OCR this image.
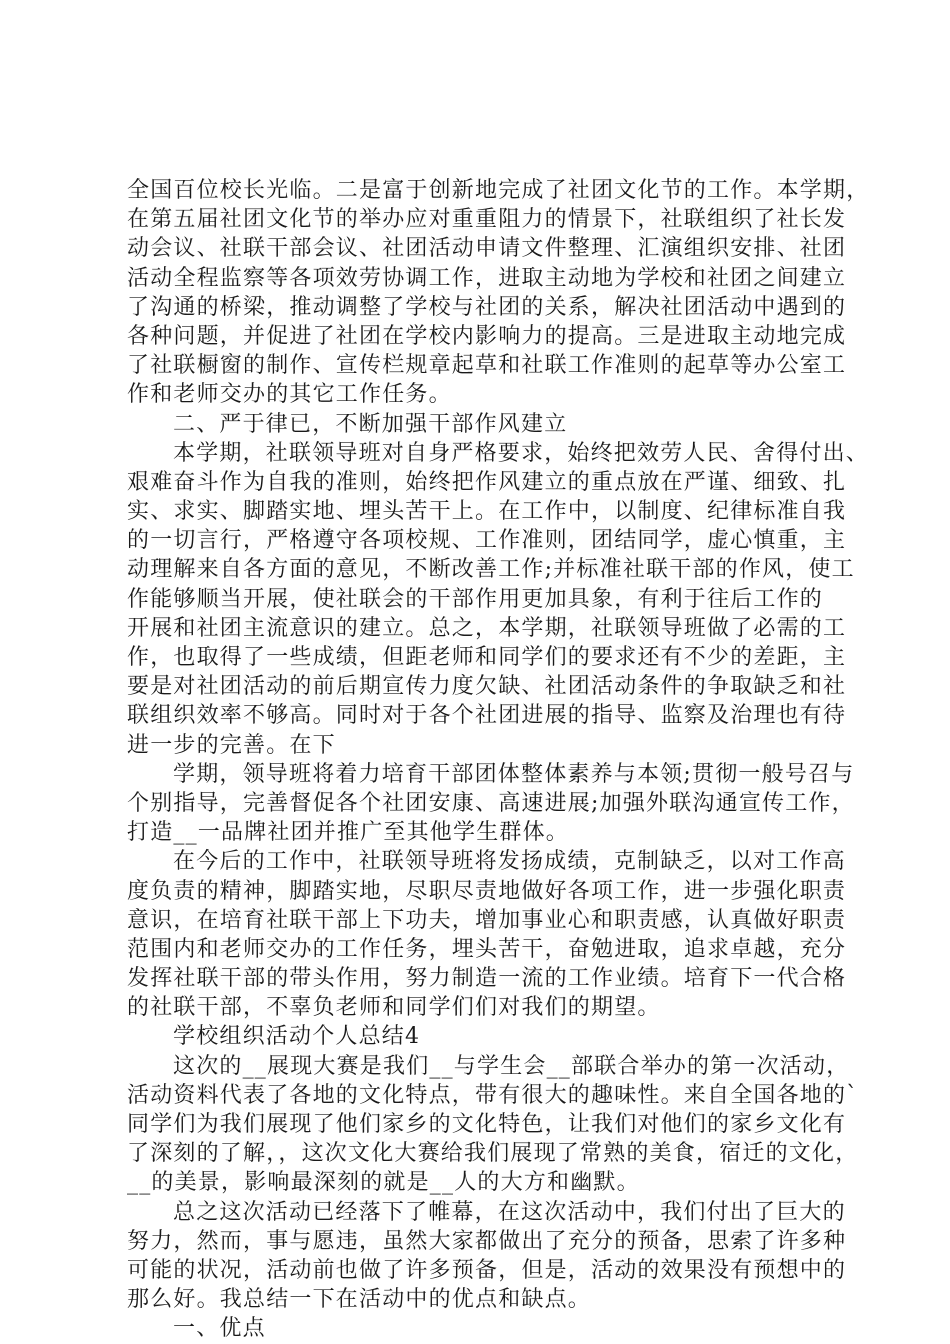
全国百位校长光临。二是富于创新地完成了社团文化节的工作。本学期，
在第五届社团文化节的举办应对重重阻力的情景下，社联组织了社长发
动会议、社联干部会议、社团活动申请文件整理、汇演组织安排、社团
活动全程监察等各项效劳协调工作，进取主动地为学校和社团之间建立
了沟通的桥梁，推动调整了学校与社团的关系，解决社团活动中遇到的
各种问题，并促进了社团在学校内影响力的提高。三是进取主动地完成
了社联橱窗的制作、宣传栏规章起草和社联工作准则的起草等办公室工
作和老师交办的其它工作任务。
二、严于律已，不断加强干部作风建立
本学期，社联领导班对自身严格要求，始终把效劳人民、舍得付出、
艰难奋斗作为自我的准则，始终把作风建立的重点放在严谨、细致、扎
实、求实、脚踏实地、埋头苦干上。在工作中，以制度、纪律标准自我
的一切言行，严格遵守各项校规、工作准则，团结同学，虚心慎重，主
动理解来自各方面的意见，不断改善工作;并标准社联干部的作风，使工
作能够顺当开展，使社联会的干部作用更加具象，有利于往后工作的
开展和社团主流意识的建立。总之，本学期，社联领导班做了必需的工
作，也取得了一些成绩，但距老师和同学们的要求还有不少的差距，主
要是对社团活动的前后期宣传力度欠缺、社团活动条件的争取缺乏和社
联组织效率不够高。同时对于各个社团进展的指导、监察及治理也有待
进一步的完善。在下
学期，领导班将着力培育干部团体整体素养与本领;贯彻一般号召与
个别指导，完善督促各个社团安康、高速进展;加强外联沟通宣传工作，
打造__一品牌社团并推广至其他学生群体。
在今后的工作中，社联领导班将发扬成绩，克制缺乏，以对工作高
度负责的精神，脚踏实地，尽职尽责地做好各项工作，进一步强化职责
意识，在培育社联干部上下功夫，增加事业心和职责感，认真做好职责
范围内和老师交办的工作任务，埋头苦干，奋勉进取，追求卓越，充分
发挥社联干部的带头作用，努力制造一流的工作业绩。培育下一代合格
的社联干部，不辜负老师和同学们们对我们的期望。
学校组织活动个人总结4
这次的__展现大赛是我们__与学生会__部联合举办的第一次活动，
活动资料代表了各地的文化特点，带有很大的趣味性。来自全国各地的`
同学们为我们展现了他们家乡的文化特色，让我们对他们的家乡文化有
了深刻的了解，，这次文化大赛给我们展现了常熟的美食，宿迁的文化，
__的美景，影响最深刻的就是__人的大方和幽默。
总之这次活动已经落下了帷幕，在这次活动中，我们付出了巨大的
努力，然而，事与愿违，虽然大家都做出了充分的预备，思索了许多种
可能的状况，活动前也做了许多预备，但是，活动的效果没有预想中的
那么好。我总结一下在活动中的优点和缺点。
一、优点
